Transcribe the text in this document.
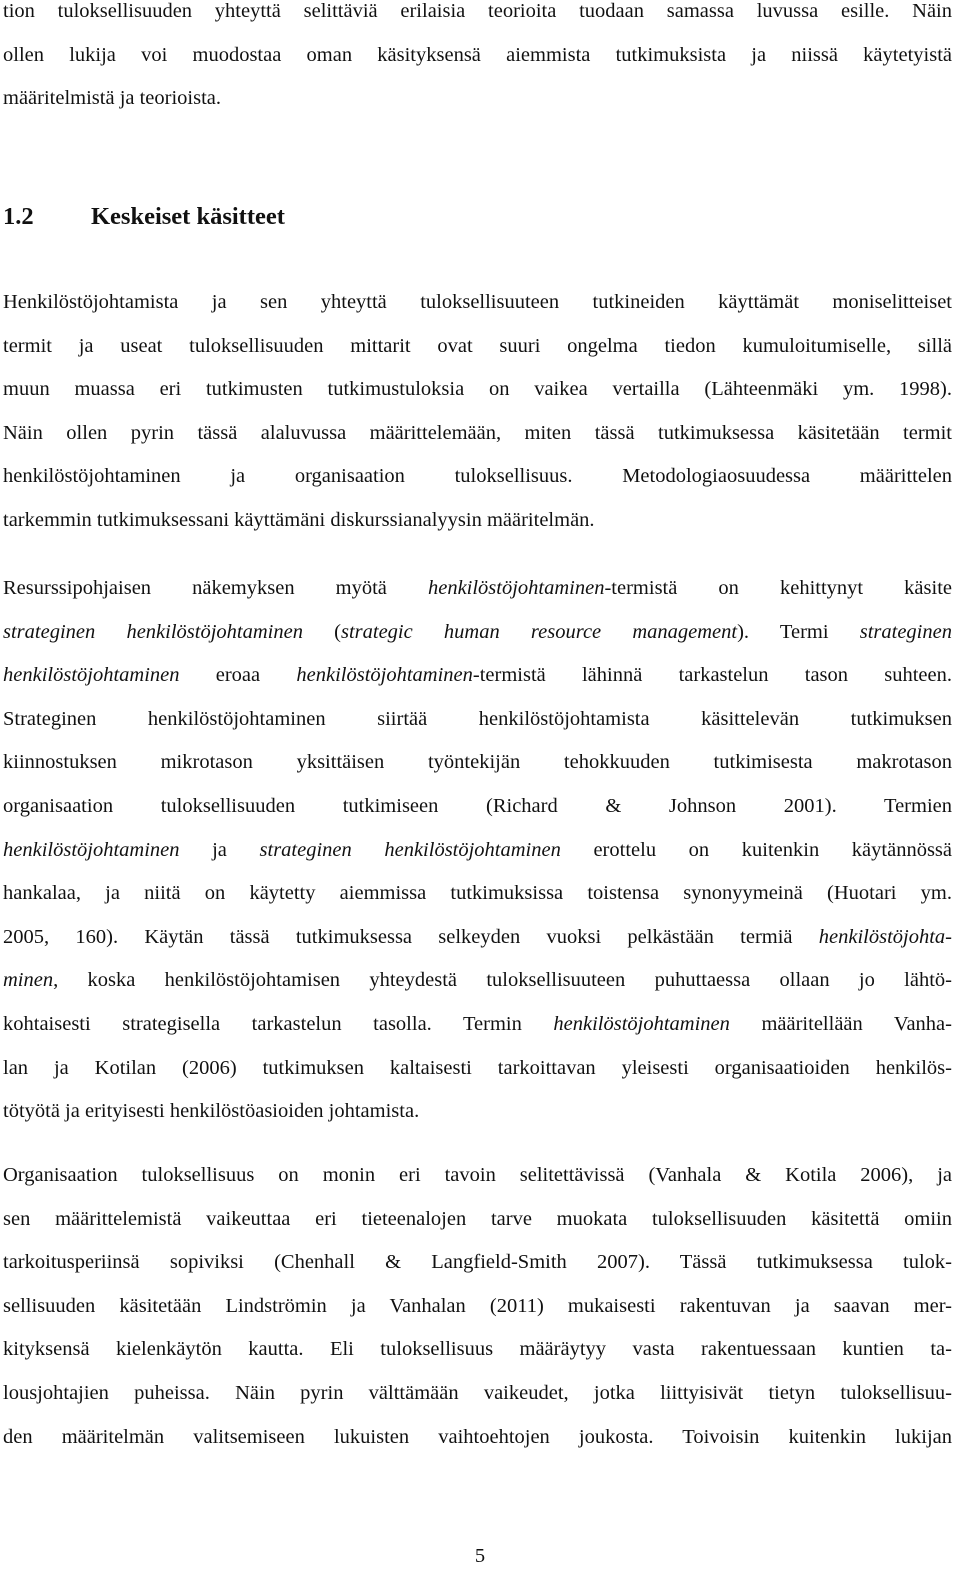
tion tuloksellisuuden yhteyttä selittäviä erilaisia teorioita tuodaan samassa luvussa esille. Näin
ollen lukija voi muodostaa oman käsityksensä aiemmista tutkimuksista ja niissä käytetyistä
määritelmistä ja teorioista.
1.2 Keskeiset käsitteet
Henkilöstöjohtamista ja sen yhteyttä tuloksellisuuteen tutkineiden käyttämät moniselitteiset
termit ja useat tuloksellisuuden mittarit ovat suuri ongelma tiedon kumuloitumiselle, sillä
muun muassa eri tutkimusten tutkimustuloksia on vaikea vertailla (Lähteenmäki ym. 1998).
Näin ollen pyrin tässä alaluvussa määrittelemään, miten tässä tutkimuksessa käsitetään termit
henkilöstöjohtaminen ja organisaation tuloksellisuus. Metodologiaosuudessa määrittelen
tarkemmin tutkimuksessani käyttämäni diskurssianalyysin määritelmän.
Resurssipohjaisen näkemyksen myötä henkilöstöjohtaminen-termistä on kehittynyt käsite
strateginen henkilöstöjohtaminen (strategic human resource management). Termi strateginen
henkilöstöjohtaminen eroaa henkilöstöjohtaminen-termistä lähinnä tarkastelun tason suhteen.
Strateginen henkilöstöjohtaminen siirtää henkilöstöjohtamista käsittelevän tutkimuksen
kiinnostuksen mikrotason yksittäisen työntekijän tehokkuuden tutkimisesta makrotason
organisaation tuloksellisuuden tutkimiseen (Richard & Johnson 2001). Termien
henkilöstöjohtaminen ja strateginen henkilöstöjohtaminen erottelu on kuitenkin käytännössä
hankalaa, ja niitä on käytetty aiemmissa tutkimuksissa toistensa synonyymeinä (Huotari ym.
2005, 160). Käytän tässä tutkimuksessa selkeyden vuoksi pelkästään termiä henkilöstöjohta-
minen, koska henkilöstöjohtamisen yhteydestä tuloksellisuuteen puhuttaessa ollaan jo lähtö-
kohtaisesti strategisella tarkastelun tasolla. Termin henkilöstöjohtaminen määritellään Vanha-
lan ja Kotilan (2006) tutkimuksen kaltaisesti tarkoittavan yleisesti organisaatioiden henkilös-
tötyötä ja erityisesti henkilöstöasioiden johtamista.
Organisaation tuloksellisuus on monin eri tavoin selitettävissä (Vanhala & Kotila 2006), ja
sen määrittelemistä vaikeuttaa eri tieteenalojen tarve muokata tuloksellisuuden käsitettä omiin
tarkoitusperiinsä sopiviksi (Chenhall & Langfield-Smith 2007). Tässä tutkimuksessa tulok-
sellisuuden käsitetään Lindströmin ja Vanhalan (2011) mukaisesti rakentuvan ja saavan mer-
kityksensä kielenkäytön kautta. Eli tuloksellisuus määräytyy vasta rakentuessaan kuntien ta-
lousjohtajien puheissa. Näin pyrin välttämään vaikeudet, jotka liittyisivät tietyn tuloksellisuu-
den määritelmän valitsemiseen lukuisten vaihtoehtojen joukosta. Toivoisin kuitenkin lukijan
5
